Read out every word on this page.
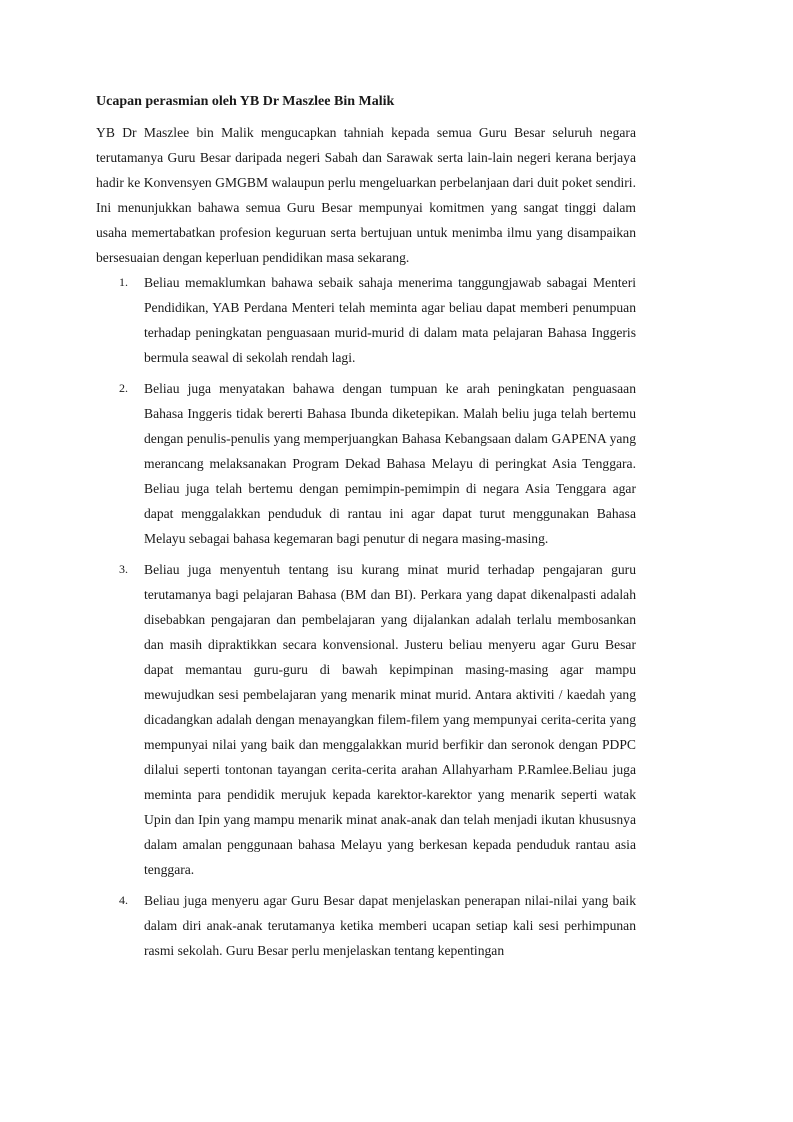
Ucapan perasmian oleh YB Dr Maszlee Bin Malik

YB Dr Maszlee bin Malik mengucapkan tahniah kepada semua Guru Besar seluruh negara terutamanya Guru Besar daripada negeri Sabah dan Sarawak serta lain-lain negeri kerana berjaya hadir ke Konvensyen GMGBM walaupun perlu mengeluarkan perbelanjaan dari duit poket sendiri. Ini menunjukkan bahawa semua Guru Besar mempunyai komitmen yang sangat tinggi dalam usaha memertabatkan profesion keguruan serta bertujuan untuk menimba ilmu yang disampaikan bersesuaian dengan keperluan pendidikan masa sekarang.

1. Beliau memaklumkan bahawa sebaik sahaja menerima tanggungjawab sabagai Menteri Pendidikan, YAB Perdana Menteri telah meminta agar beliau dapat memberi penumpuan terhadap peningkatan penguasaan murid-murid di dalam mata pelajaran Bahasa Inggeris bermula seawal di sekolah rendah lagi.

2. Beliau juga menyatakan bahawa dengan tumpuan ke arah peningkatan penguasaan Bahasa Inggeris tidak bererti Bahasa Ibunda diketepikan. Malah beliu juga telah bertemu dengan penulis-penulis yang memperjuangkan Bahasa Kebangsaan dalam GAPENA yang merancang melaksanakan Program Dekad Bahasa Melayu di peringkat Asia Tenggara. Beliau juga telah bertemu dengan pemimpin-pemimpin di negara Asia Tenggara agar dapat menggalakkan penduduk di rantau ini agar dapat turut menggunakan Bahasa Melayu sebagai bahasa kegemaran bagi penutur di negara masing-masing.

3. Beliau juga menyentuh tentang isu kurang minat murid terhadap pengajaran guru terutamanya bagi pelajaran Bahasa (BM dan BI). Perkara yang dapat dikenalpasti adalah disebabkan pengajaran dan pembelajaran yang dijalankan adalah terlalu membosankan dan masih dipraktikkan secara konvensional. Justeru beliau menyeru agar Guru Besar dapat memantau guru-guru di bawah kepimpinan masing-masing agar mampu mewujudkan sesi pembelajaran yang menarik minat murid. Antara aktiviti / kaedah yang dicadangkan adalah dengan menayangkan filem-filem yang mempunyai cerita-cerita yang mempunyai nilai yang baik dan menggalakkan murid berfikir dan seronok dengan PDPC dilalui seperti tontonan tayangan cerita-cerita arahan Allahyarham P.Ramlee.Beliau juga meminta para pendidik merujuk kepada karektor-karektor yang menarik seperti watak Upin dan Ipin yang mampu menarik minat anak-anak dan telah menjadi ikutan khususnya dalam amalan penggunaan bahasa Melayu yang berkesan kepada penduduk rantau asia tenggara.

4. Beliau juga menyeru agar Guru Besar dapat menjelaskan penerapan nilai-nilai yang baik dalam diri anak-anak terutamanya ketika memberi ucapan setiap kali sesi perhimpunan rasmi sekolah. Guru Besar perlu menjelaskan tentang kepentingan
